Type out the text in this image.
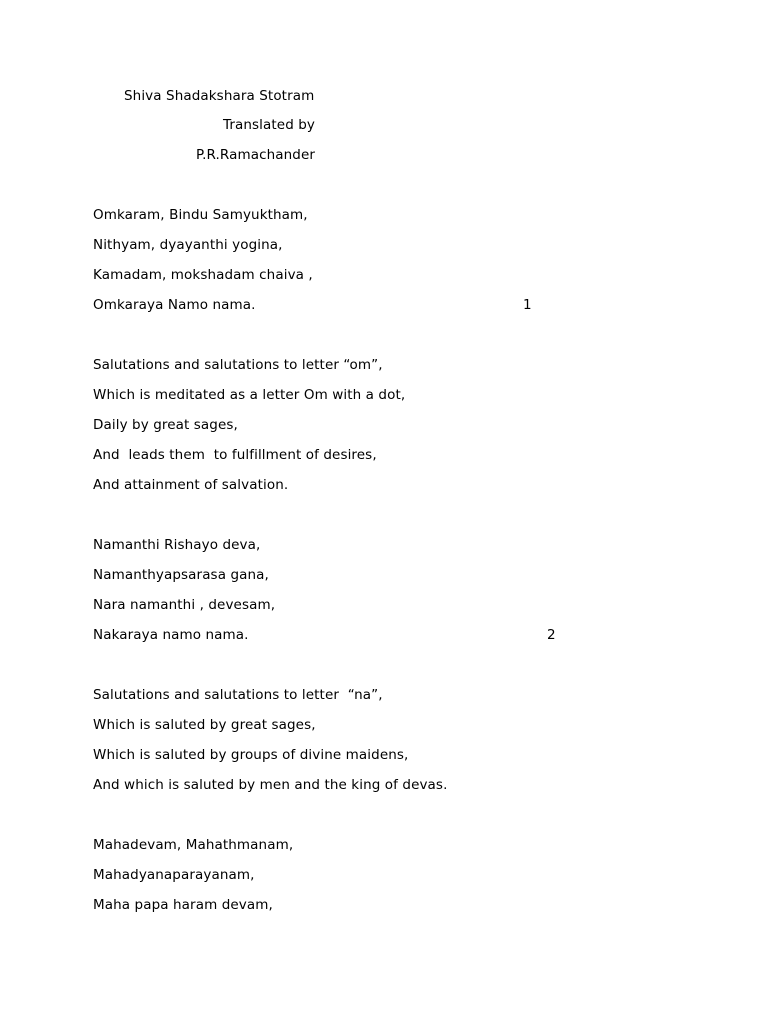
Shiva Shadakshara Stotram
Translated by
P.R.Ramachander
Omkaram, Bindu Samyuktham,
Nithyam, dyayanthi yogina,
Kamadam, mokshadam chaiva ,
Omkaraya Namo nama.	1
Salutations and salutations to letter “om”,
Which is meditated as a letter Om with a dot,
Daily by great sages,
And  leads them  to fulfillment of desires,
And attainment of salvation.
Namanthi Rishayo deva,
Namanthyapsarasa gana,
Nara namanthi , devesam,
Nakaraya namo nama.	2
Salutations and salutations to letter  “na”,
Which is saluted by great sages,
Which is saluted by groups of divine maidens,
And which is saluted by men and the king of devas.
Mahadevam, Mahathmanam,
Mahadyanaparayanam,
Maha papa haram devam,
